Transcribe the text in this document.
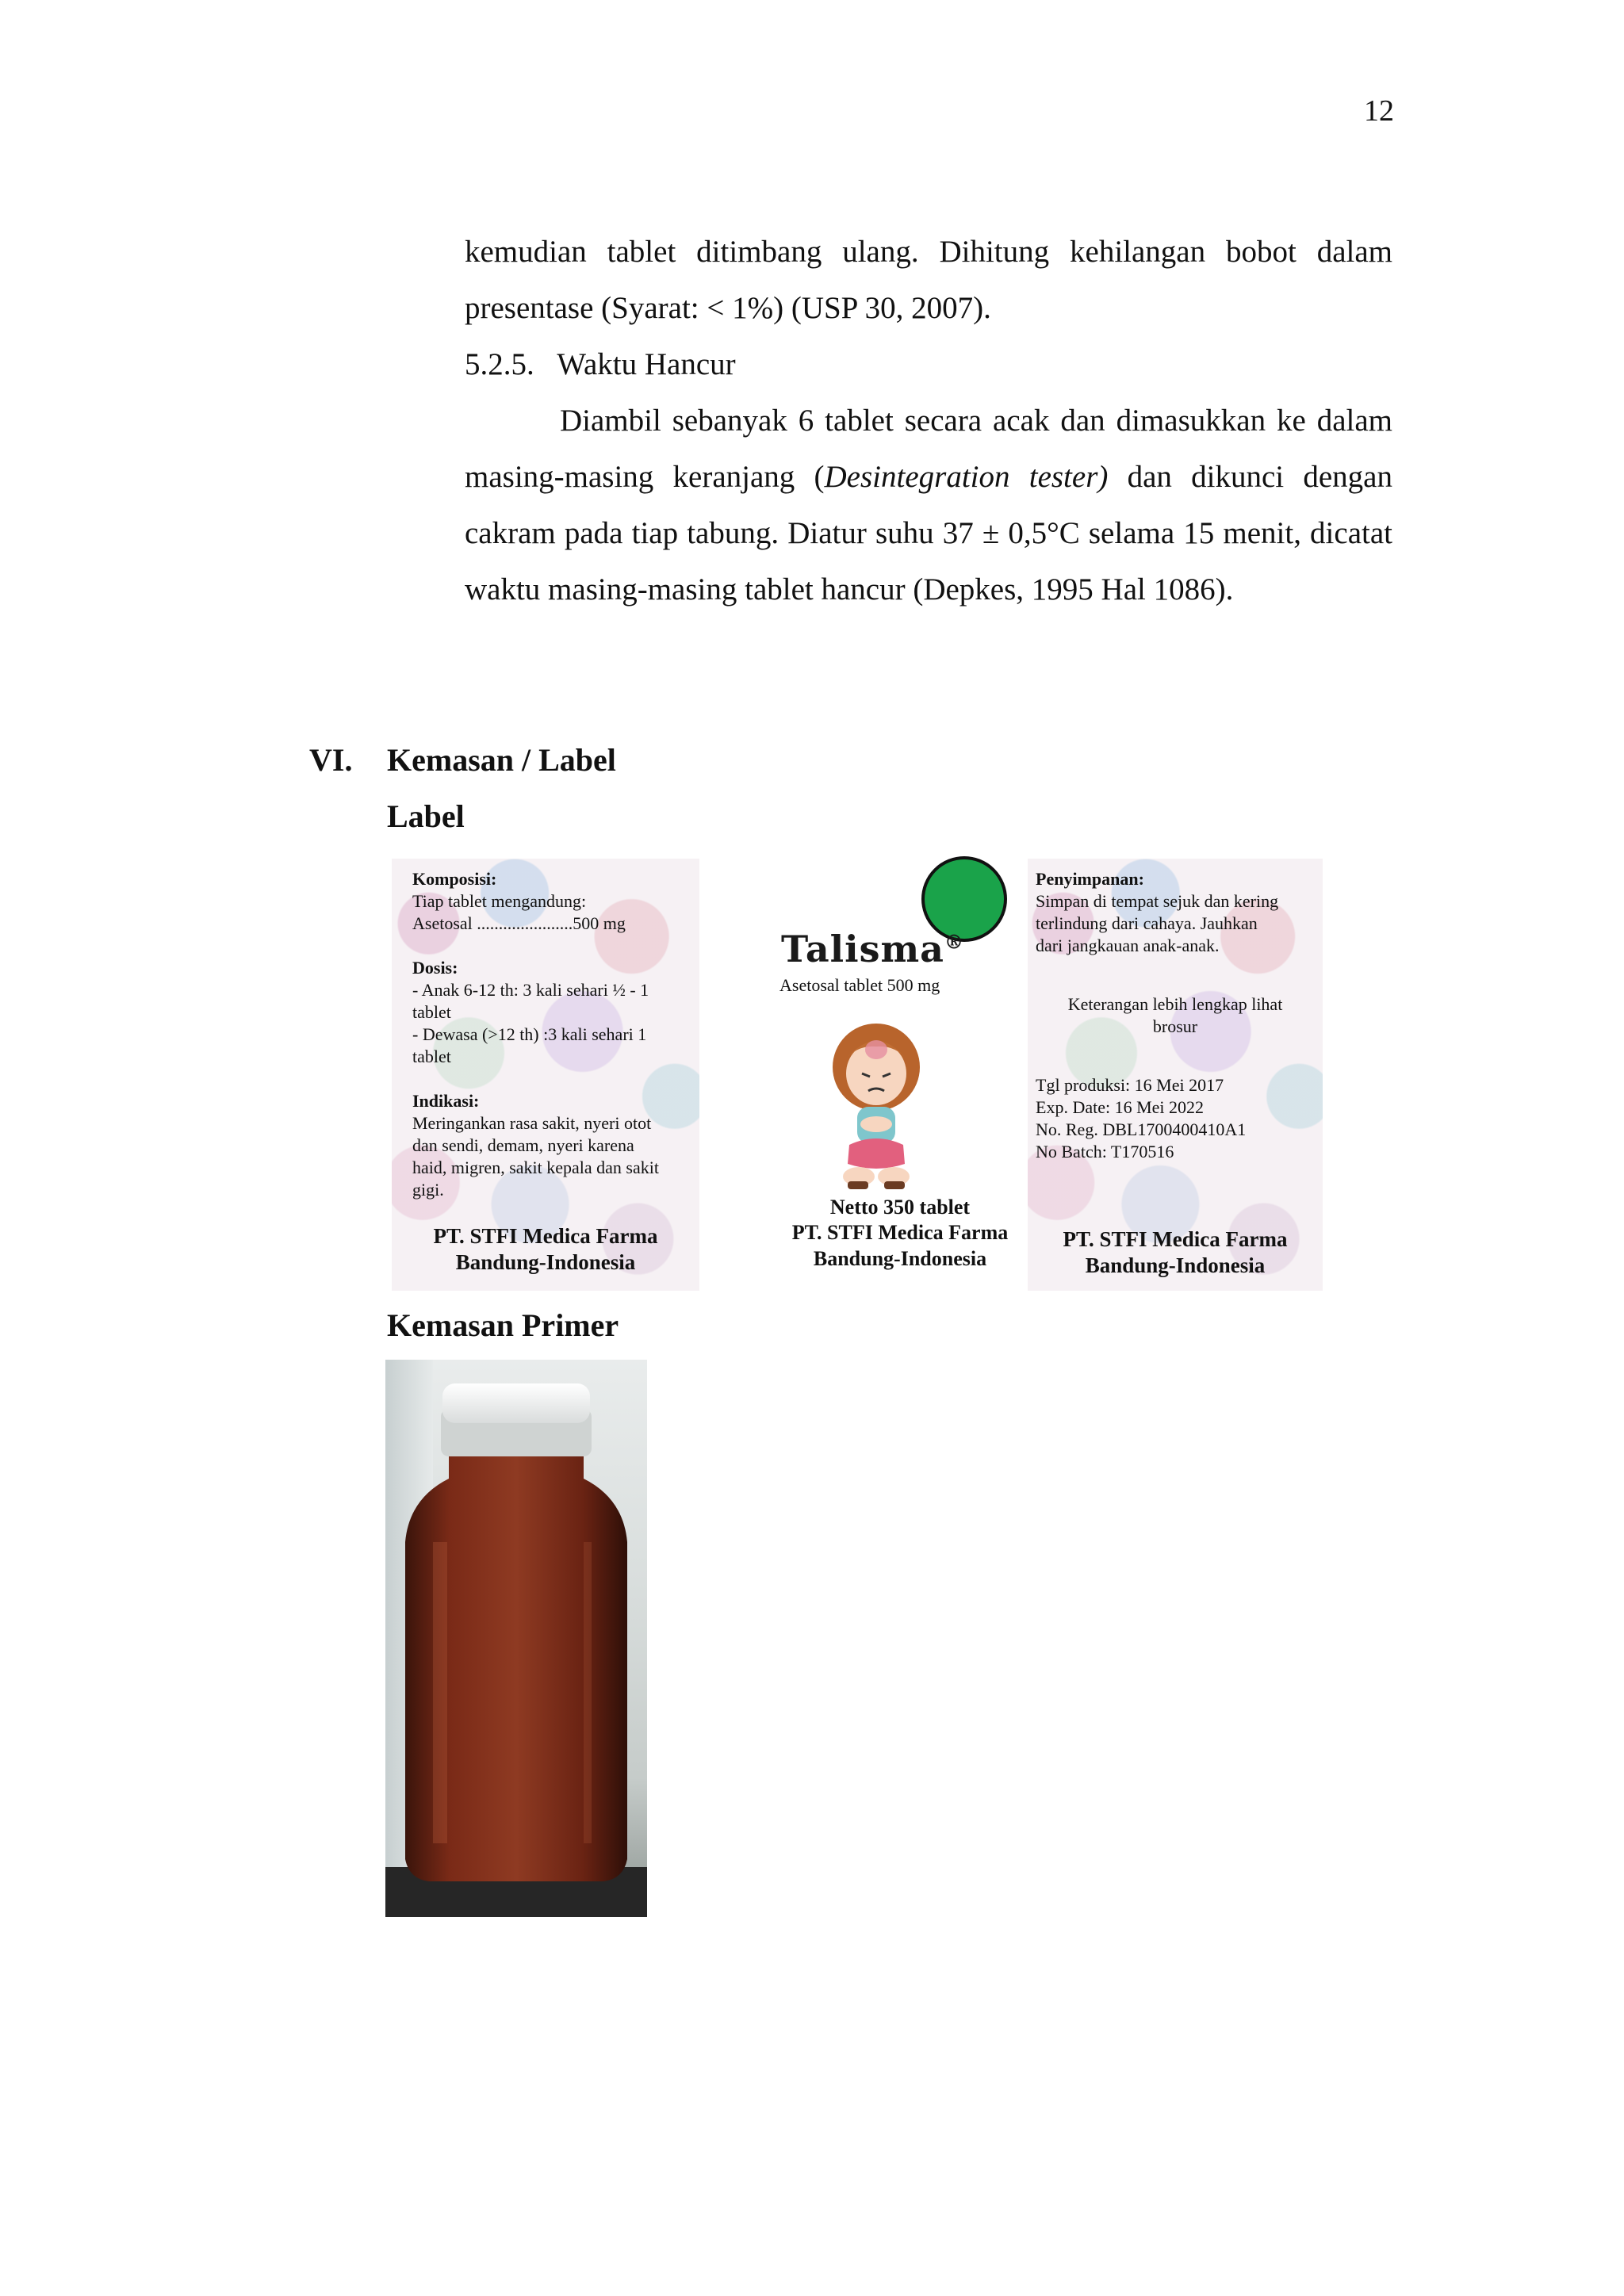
12
kemudian tablet ditimbang ulang. Dihitung kehilangan bobot dalam
presentase (Syarat: < 1%) (USP 30, 2007).
5.2.5.   Waktu Hancur
Diambil sebanyak 6 tablet secara acak dan dimasukkan ke dalam masing-masing keranjang (Desintegration tester) dan dikunci dengan cakram pada tiap tabung. Diatur suhu 37 ± 0,5°C selama 15 menit, dicatat waktu masing-masing tablet hancur (Depkes, 1995 Hal 1086).
VI. Kemasan / Label
Label
Komposisi:
Tiap tablet mengandung:
Asetosal ......................500 mg
Dosis:
- Anak 6-12 th: 3 kali sehari ½ - 1
tablet
- Dewasa (>12 th) :3 kali sehari 1
tablet
Indikasi:
Meringankan rasa sakit, nyeri otot
dan sendi, demam, nyeri karena
haid, migren, sakit kepala dan sakit
gigi.
PT. STFI Medica Farma
Bandung-Indonesia
Talisma®
Asetosal tablet 500 mg
Netto 350 tablet
PT. STFI Medica Farma
Bandung-Indonesia
Penyimpanan:
Simpan di tempat sejuk dan kering
terlindung dari cahaya. Jauhkan
dari jangkauan anak-anak.
Keterangan lebih lengkap lihat
brosur
Tgl produksi: 16 Mei 2017
Exp. Date: 16 Mei 2022
No. Reg. DBL1700400410A1
No Batch: T170516
PT. STFI Medica Farma
Bandung-Indonesia
Kemasan Primer
